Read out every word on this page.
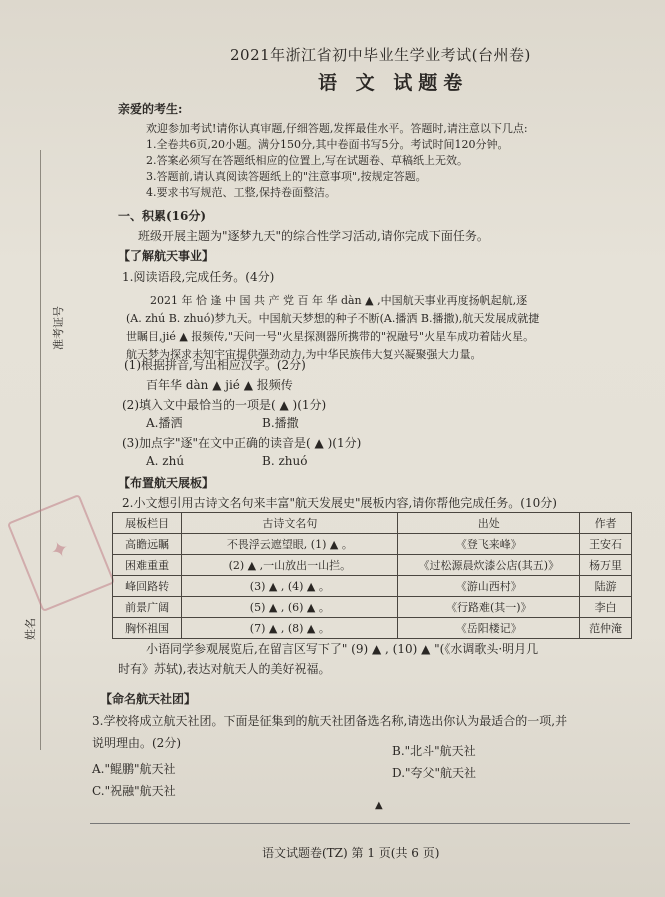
2021年浙江省初中毕业生学业考试(台州卷)
语 文 试题卷
亲爱的考生:
欢迎参加考试!请你认真审题,仔细答题,发挥最佳水平。答题时,请注意以下几点:
1.全卷共6页,20小题。满分150分,其中卷面书写5分。考试时间120分钟。
2.答案必须写在答题纸相应的位置上,写在试题卷、草稿纸上无效。
3.答题前,请认真阅读答题纸上的"注意事项",按规定答题。
4.要求书写规范、工整,保持卷面整洁。
准考证号
姓名
✦
一、积累(16分)
班级开展主题为"逐梦九天"的综合性学习活动,请你完成下面任务。
【了解航天事业】
1.阅读语段,完成任务。(4分)
2021 年 恰 逢 中 国 共 产 党 百 年 华 dàn ▲ ,中国航天事业再度扬帆起航,逐
(A. zhú B. zhuó)梦九天。中国航天梦想的种子不断(A.播洒 B.播撒),航天发展成就捷
世瞩目,jié ▲ 报频传,"天问一号"火星探测器所携带的"祝融号"火星车成功着陆火星。
航天梦为探求未知宇宙提供强劲动力,为中华民族伟大复兴凝聚强大力量。
(1)根据拼音,写出相应汉字。(2分)
百年华 dàn ▲ jié ▲ 报频传
(2)填入文中最恰当的一项是( ▲ )(1分)
A.播洒	B.播撒
(3)加点字"逐"在文中正确的读音是( ▲ )(1分)
A. zhú	B. zhuó
【布置航天展板】
2.小文想引用古诗文名句来丰富"航天发展史"展板内容,请你帮他完成任务。(10分)
展板栏目	古诗文名句	出处	作者
高瞻远瞩	不畏浮云遮望眼, (1) ▲ 。	《登飞来峰》	王安石
困难重重	(2) ▲ ,一山放出一山拦。	《过松源晨炊漆公店(其五)》	杨万里
峰回路转	(3) ▲ , (4) ▲ 。	《游山西村》	陆游
前景广阔	(5) ▲ , (6) ▲ 。	《行路难(其一)》	李白
胸怀祖国	(7) ▲ , (8) ▲ 。	《岳阳楼记》	范仲淹
小语同学参观展览后,在留言区写下了" (9) ▲ , (10) ▲ "(《水调歌头·明月几
时有》苏轼),表达对航天人的美好祝福。
【命名航天社团】
3.学校将成立航天社团。下面是征集到的航天社团备选名称,请选出你认为最适合的一项,并
说明理由。(2分)
B."北斗"航天社
A."鲲鹏"航天社	D."夸父"航天社
C."祝融"航天社
▲
语文试题卷(TZ) 第 1 页(共 6 页)
